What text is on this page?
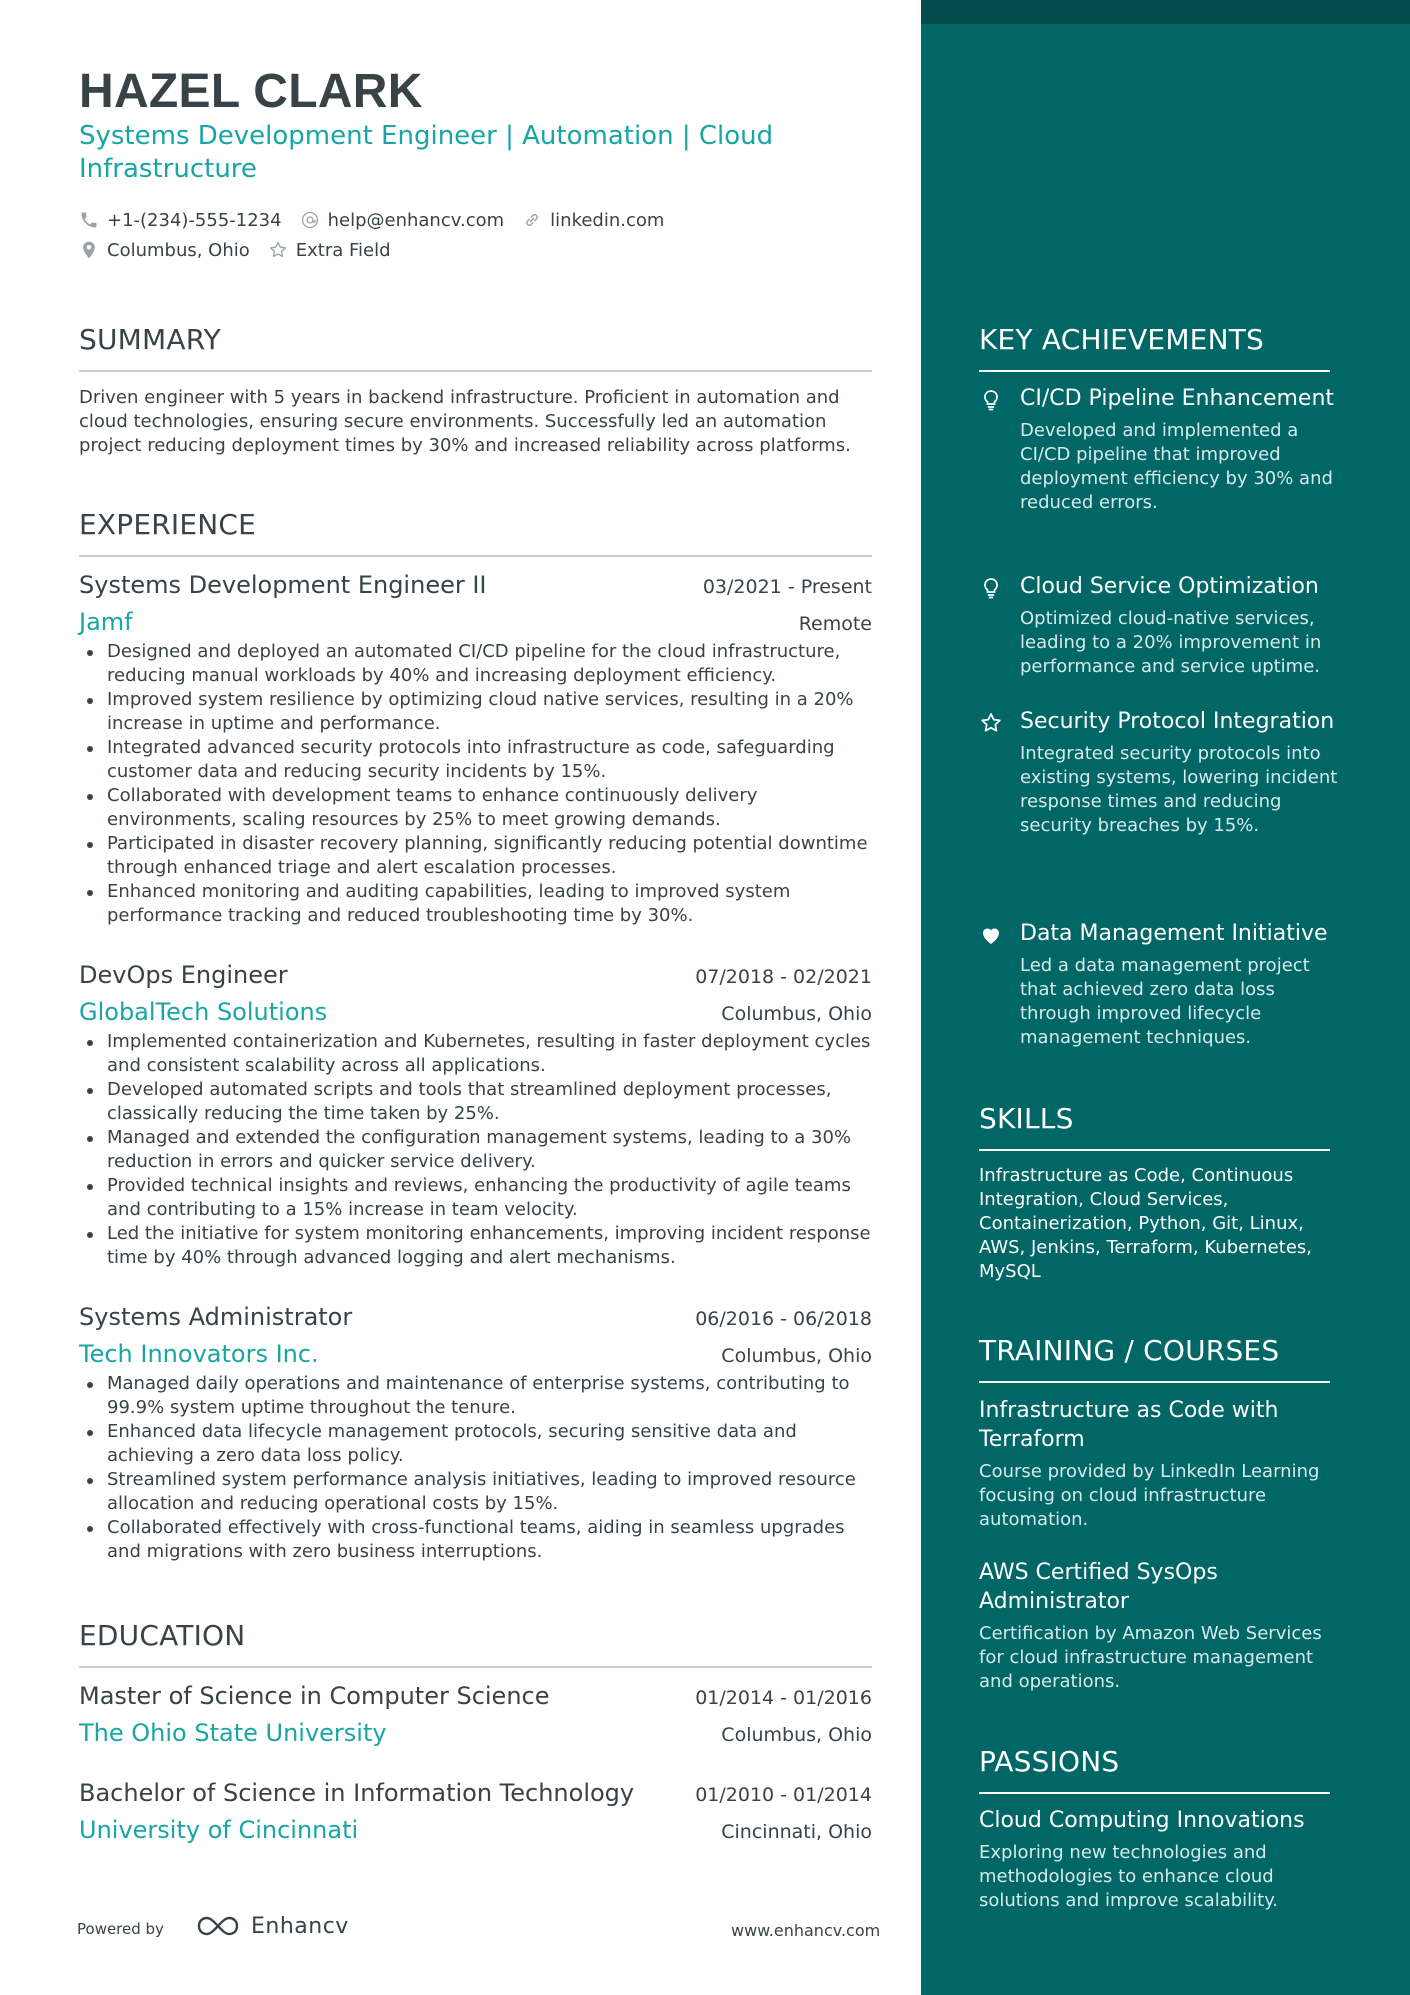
HAZEL CLARK
Systems Development Engineer | Automation | Cloud Infrastructure
+1-(234)-555-1234	help@enhancv.com	linkedin.com
Columbus, Ohio	Extra Field
SUMMARY
Driven engineer with 5 years in backend infrastructure. Proficient in automation and cloud technologies, ensuring secure environments. Successfully led an automation project reducing deployment times by 30% and increased reliability across platforms.
EXPERIENCE
Systems Development Engineer II	03/2021 - Present
Jamf	Remote
Designed and deployed an automated CI/CD pipeline for the cloud infrastructure, reducing manual workloads by 40% and increasing deployment efficiency.
Improved system resilience by optimizing cloud native services, resulting in a 20% increase in uptime and performance.
Integrated advanced security protocols into infrastructure as code, safeguarding customer data and reducing security incidents by 15%.
Collaborated with development teams to enhance continuously delivery environments, scaling resources by 25% to meet growing demands.
Participated in disaster recovery planning, significantly reducing potential downtime through enhanced triage and alert escalation processes.
Enhanced monitoring and auditing capabilities, leading to improved system performance tracking and reduced troubleshooting time by 30%.
DevOps Engineer	07/2018 - 02/2021
GlobalTech Solutions	Columbus, Ohio
Implemented containerization and Kubernetes, resulting in faster deployment cycles and consistent scalability across all applications.
Developed automated scripts and tools that streamlined deployment processes, classically reducing the time taken by 25%.
Managed and extended the configuration management systems, leading to a 30% reduction in errors and quicker service delivery.
Provided technical insights and reviews, enhancing the productivity of agile teams and contributing to a 15% increase in team velocity.
Led the initiative for system monitoring enhancements, improving incident response time by 40% through advanced logging and alert mechanisms.
Systems Administrator	06/2016 - 06/2018
Tech Innovators Inc.	Columbus, Ohio
Managed daily operations and maintenance of enterprise systems, contributing to 99.9% system uptime throughout the tenure.
Enhanced data lifecycle management protocols, securing sensitive data and achieving a zero data loss policy.
Streamlined system performance analysis initiatives, leading to improved resource allocation and reducing operational costs by 15%.
Collaborated effectively with cross-functional teams, aiding in seamless upgrades and migrations with zero business interruptions.
EDUCATION
Master of Science in Computer Science	01/2014 - 01/2016
The Ohio State University	Columbus, Ohio
Bachelor of Science in Information Technology	01/2010 - 01/2014
University of Cincinnati	Cincinnati, Ohio
KEY ACHIEVEMENTS
CI/CD Pipeline Enhancement
Developed and implemented a CI/CD pipeline that improved deployment efficiency by 30% and reduced errors.
Cloud Service Optimization
Optimized cloud-native services, leading to a 20% improvement in performance and service uptime.
Security Protocol Integration
Integrated security protocols into existing systems, lowering incident response times and reducing security breaches by 15%.
Data Management Initiative
Led a data management project that achieved zero data loss through improved lifecycle management techniques.
SKILLS
Infrastructure as Code, Continuous Integration, Cloud Services, Containerization, Python, Git, Linux, AWS, Jenkins, Terraform, Kubernetes, MySQL
TRAINING / COURSES
Infrastructure as Code with Terraform
Course provided by LinkedIn Learning focusing on cloud infrastructure automation.
AWS Certified SysOps Administrator
Certification by Amazon Web Services for cloud infrastructure management and operations.
PASSIONS
Cloud Computing Innovations
Exploring new technologies and methodologies to enhance cloud solutions and improve scalability.
Powered by	Enhancv	www.enhancv.com
